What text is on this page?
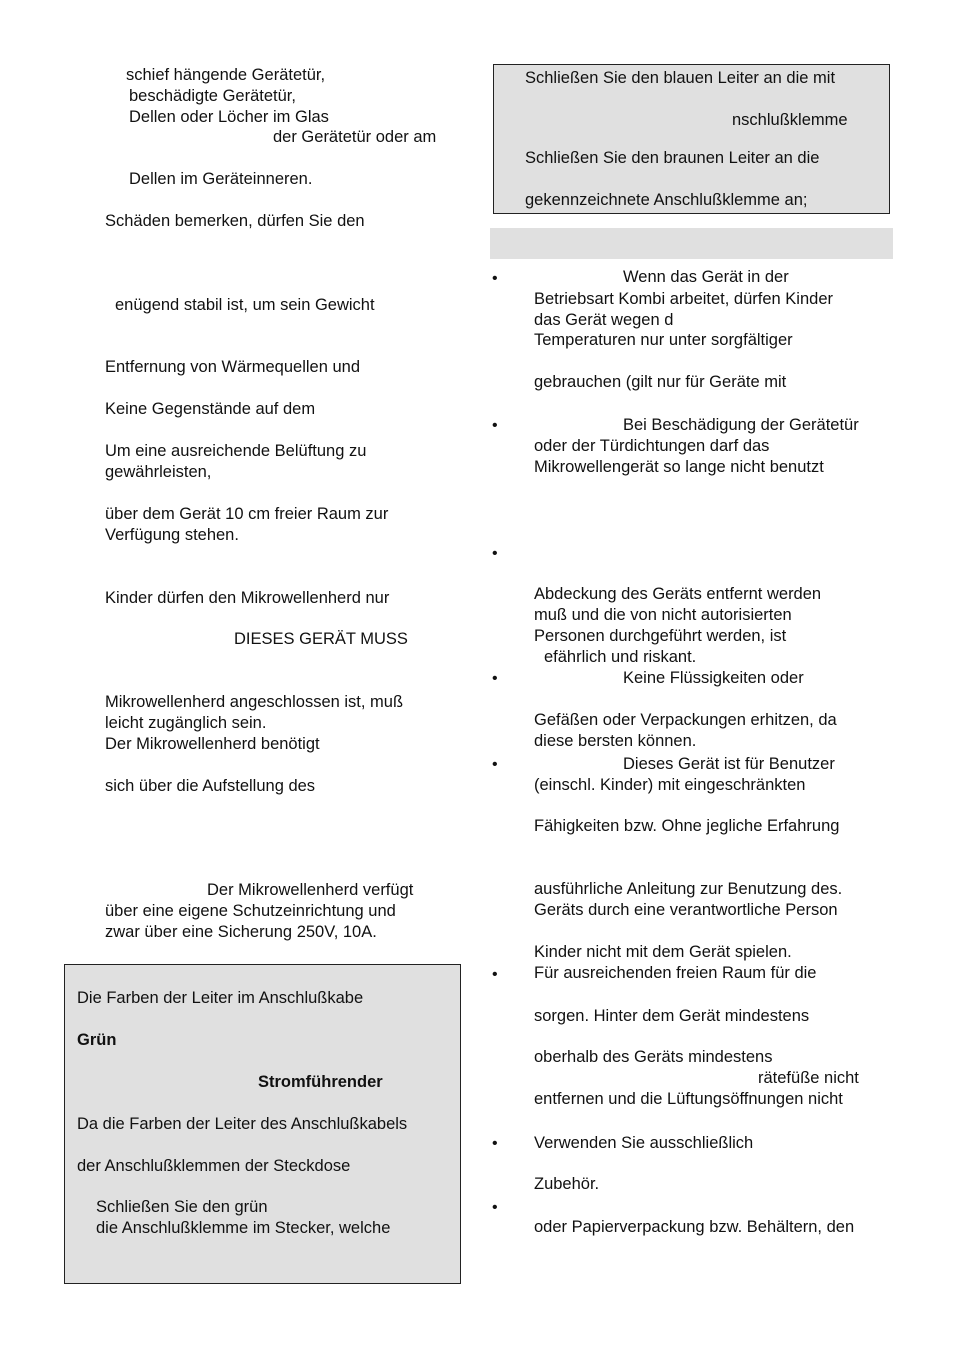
schief hängende Gerätetür,
beschädigte Gerätetür,
Dellen oder Löcher im Glas
der Gerätetür oder am
Dellen im Geräteinneren.
Schäden bemerken, dürfen Sie den
enügend stabil ist, um sein Gewicht
Entfernung von Wärmequellen und
Keine Gegenstände auf dem
Um eine ausreichende Belüftung zu
gewährleisten,
über dem Gerät 10 cm freier Raum zur
Verfügung stehen.
Kinder dürfen den Mikrowellenherd nur
DIESES GERÄT MUSS
Mikrowellenherd angeschlossen ist, muß
leicht zugänglich sein.
Der Mikrowellenherd benötigt
sich über die Aufstellung des
Der Mikrowellenherd verfügt
über eine eigene Schutzeinrichtung und
zwar über eine Sicherung 250V, 10A.
Die Farben der Leiter im Anschlußkabe
Grün
Stromführender
Da die Farben der Leiter des Anschlußkabels
der Anschlußklemmen der Steckdose
Schließen Sie den grün
die Anschlußklemme im Stecker, welche
Schließen Sie den blauen Leiter an die mit
nschlußklemme
Schließen Sie den braunen Leiter an die
gekennzeichnete Anschlußklemme an;
•
•
•
•
•
•
•
•
Wenn das Gerät in der
Betriebsart Kombi arbeitet, dürfen Kinder
das Gerät wegen d
Temperaturen nur unter sorgfältiger
gebrauchen (gilt nur für Geräte mit
Bei Beschädigung der Gerätetür
oder der Türdichtungen darf das
Mikrowellengerät so lange nicht benutzt
Abdeckung des Geräts entfernt werden
muß und die von nicht autorisierten
Personen durchgeführt werden, ist
efährlich und riskant.
Keine Flüssigkeiten oder
Gefäßen oder Verpackungen erhitzen, da
diese bersten können.
Dieses Gerät ist für Benutzer
(einschl. Kinder) mit eingeschränkten
Fähigkeiten bzw. Ohne jegliche Erfahrung
ausführliche Anleitung zur Benutzung des.
Geräts durch eine verantwortliche Person
Kinder nicht mit dem Gerät spielen.
Für ausreichenden freien Raum für die
sorgen. Hinter dem Gerät mindestens
oberhalb des Geräts mindestens
rätefüße nicht
entfernen und die Lüftungsöffnungen nicht
Verwenden Sie ausschließlich
Zubehör.
oder Papierverpackung bzw. Behältern, den
